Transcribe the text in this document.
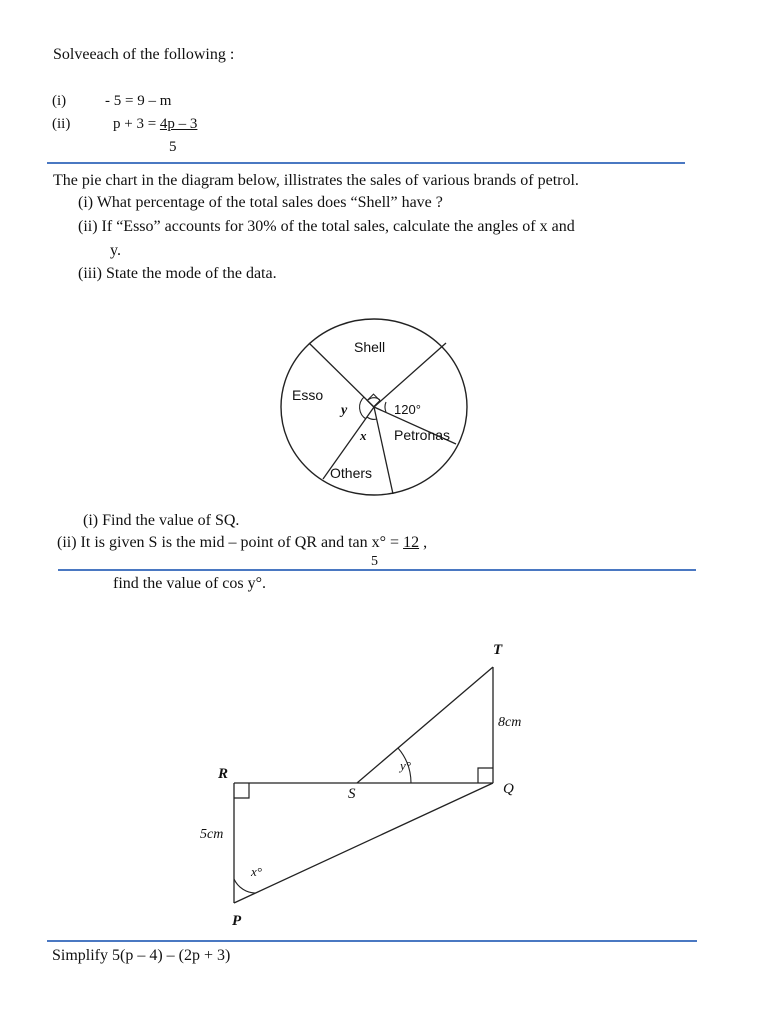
Solveeach of the following :
(i)	- 5 = 9 – m
(ii)	p + 3 = 4p – 3
5
The pie chart in the diagram below, illistrates the sales of various brands of petrol.
(i) What percentage of the total sales does “Shell” have ?
(ii) If “Esso” accounts for 30% of the total sales, calculate the angles of x and
y.
(iii) State the mode of the data.
Shell
Esso
Petronas
Others
y
x
120°
(i) Find the value of SQ.
(ii) It is given S is the mid – point of QR and tan x° = 12 ,
5
find the value of cos y°.
T
R
S	Q
P
8cm
5cm
y°
x°
Simplify 5(p – 4) – (2p + 3)
